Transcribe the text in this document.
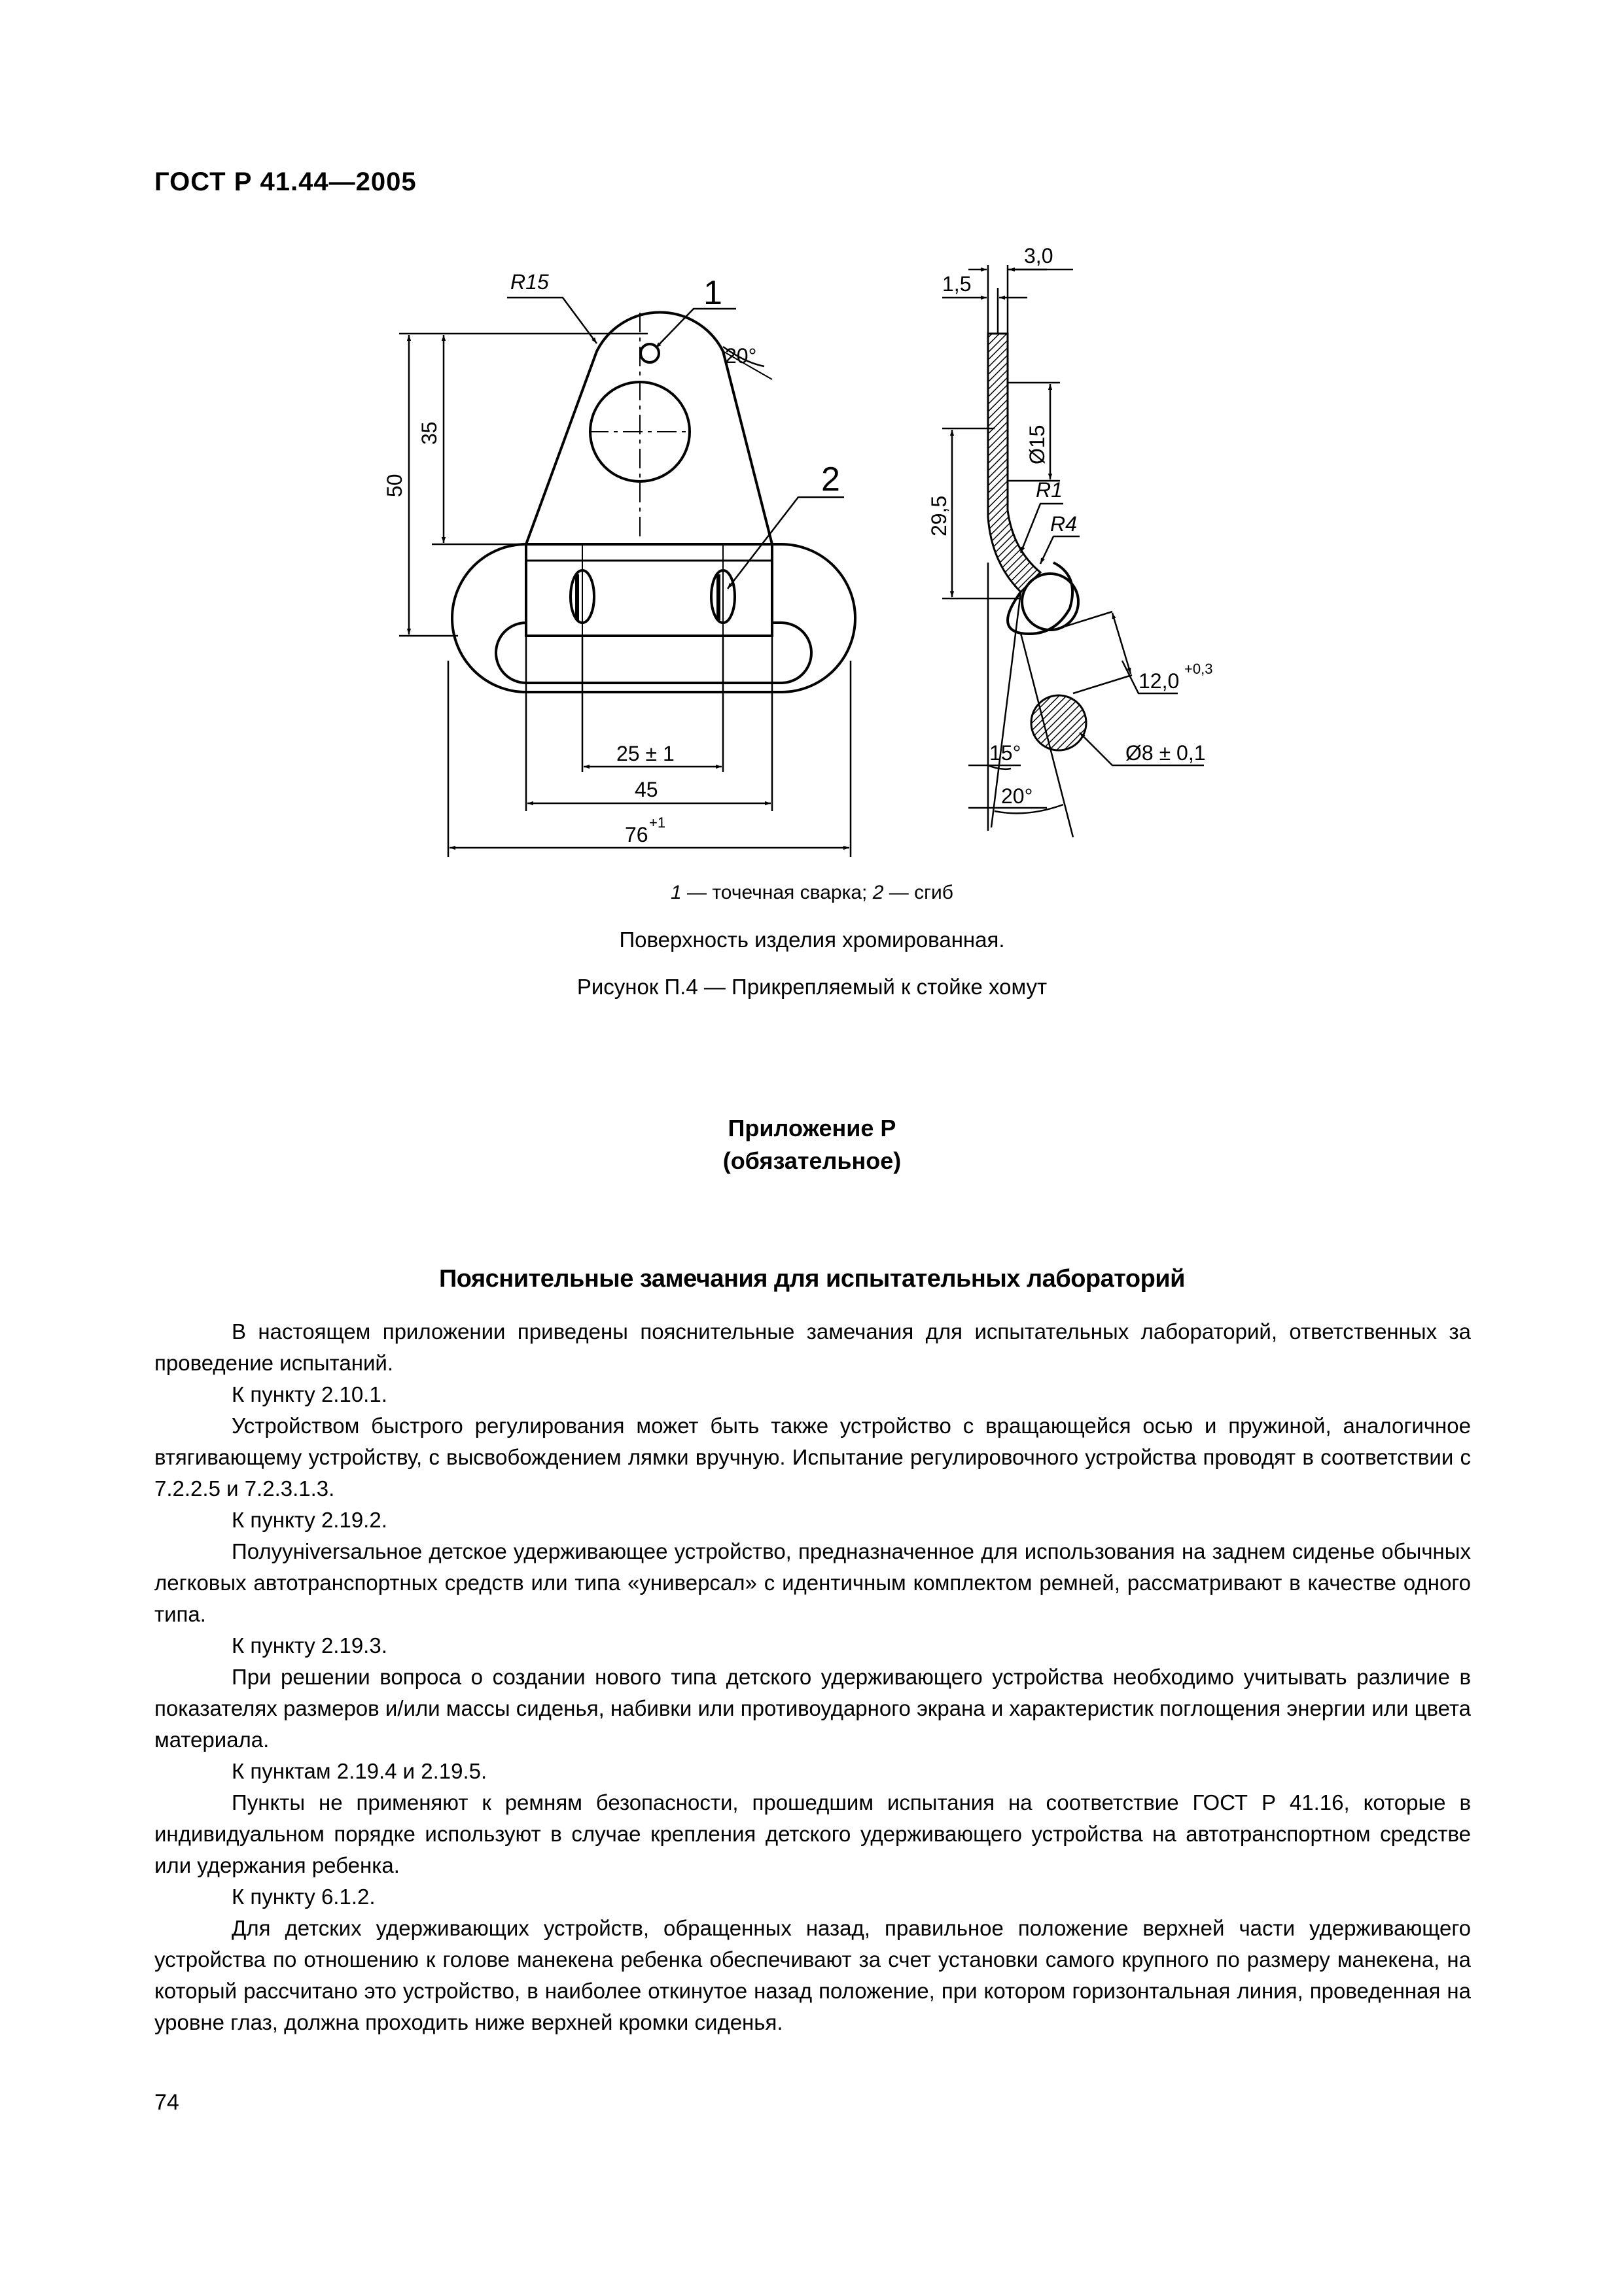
ГОСТ Р 41.44—2005
R15	1
2
20°
50
35
25 ± 1
45
76
+1
3,0
1,5
Ø15
29,5
R1
R4
12,0
+0,3
Ø8 ± 0,1
15°
20°
1 — точечная сварка; 2 — сгиб
Поверхность изделия хромированная.
Рисунок П.4 — Прикрепляемый к стойке хомут
Приложение Р
(обязательное)
Пояснительные замечания для испытательных лабораторий

В настоящем приложении приведены пояснительные замечания для испытательных лабораторий, ответственных за проведение испытаний.

К пункту 2.10.1.

Устройством быстрого регулирования может быть также устройство с вращающейся осью и пружиной, аналогичное втягивающему устройству, с высвобождением лямки вручную. Испытание регулировочного устройства проводят в соответствии с 7.2.2.5 и 7.2.3.1.3.

К пункту 2.19.2.

Полуунiversальное детское удерживающее устройство, предназначенное для использования на заднем сиденье обычных легковых автотранспортных средств или типа «универсал» с идентичным комплектом ремней, рассматривают в качестве одного типа.

К пункту 2.19.3.

При решении вопроса о создании нового типа детского удерживающего устройства необходимо учитывать различие в показателях размеров и/или массы сиденья, набивки или противоударного экрана и характеристик поглощения энергии или цвета материала.

К пунктам 2.19.4 и 2.19.5.

Пункты не применяют к ремням безопасности, прошедшим испытания на соответствие ГОСТ Р 41.16, которые в индивидуальном порядке используют в случае крепления детского удерживающего устройства на автотранспортном средстве или удержания ребенка.

К пункту 6.1.2.

Для детских удерживающих устройств, обращенных назад, правильное положение верхней части удерживающего устройства по отношению к голове манекена ребенка обеспечивают за счет установки самого крупного по размеру манекена, на который рассчитано это устройство, в наиболее откинутое назад положение, при котором горизонтальная линия, проведенная на уровне глаз, должна проходить ниже верхней кромки сиденья.

74
